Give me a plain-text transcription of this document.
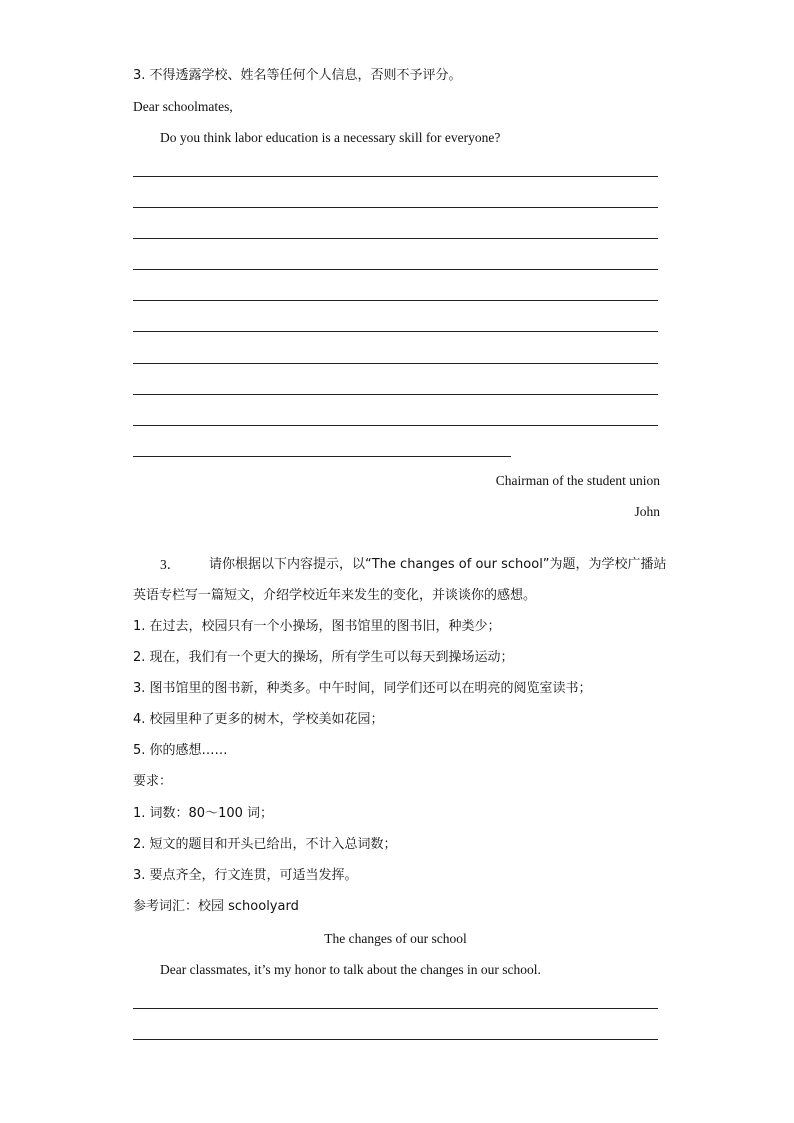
3. 不得透露学校、姓名等任何个人信息，否则不予评分。
Dear schoolmates,
Do you think labor education is a necessary skill for everyone?
Chairman of the student union
John
3． 请你根据以下内容提示，以“The changes of our school”为题，为学校广播站
英语专栏写一篇短文，介绍学校近年来发生的变化，并谈谈你的感想。
1. 在过去，校园只有一个小操场，图书馆里的图书旧，种类少；
2. 现在，我们有一个更大的操场，所有学生可以每天到操场运动；
3. 图书馆里的图书新，种类多。中午时间，同学们还可以在明亮的阅览室读书；
4. 校园里种了更多的树木，学校美如花园；
5. 你的感想……
要求：
1. 词数：80～100 词；
2. 短文的题目和开头已给出，不计入总词数；
3. 要点齐全，行文连贯，可适当发挥。
参考词汇：校园 schoolyard
The changes of our school
Dear classmates, it’s my honor to talk about the changes in our school.
